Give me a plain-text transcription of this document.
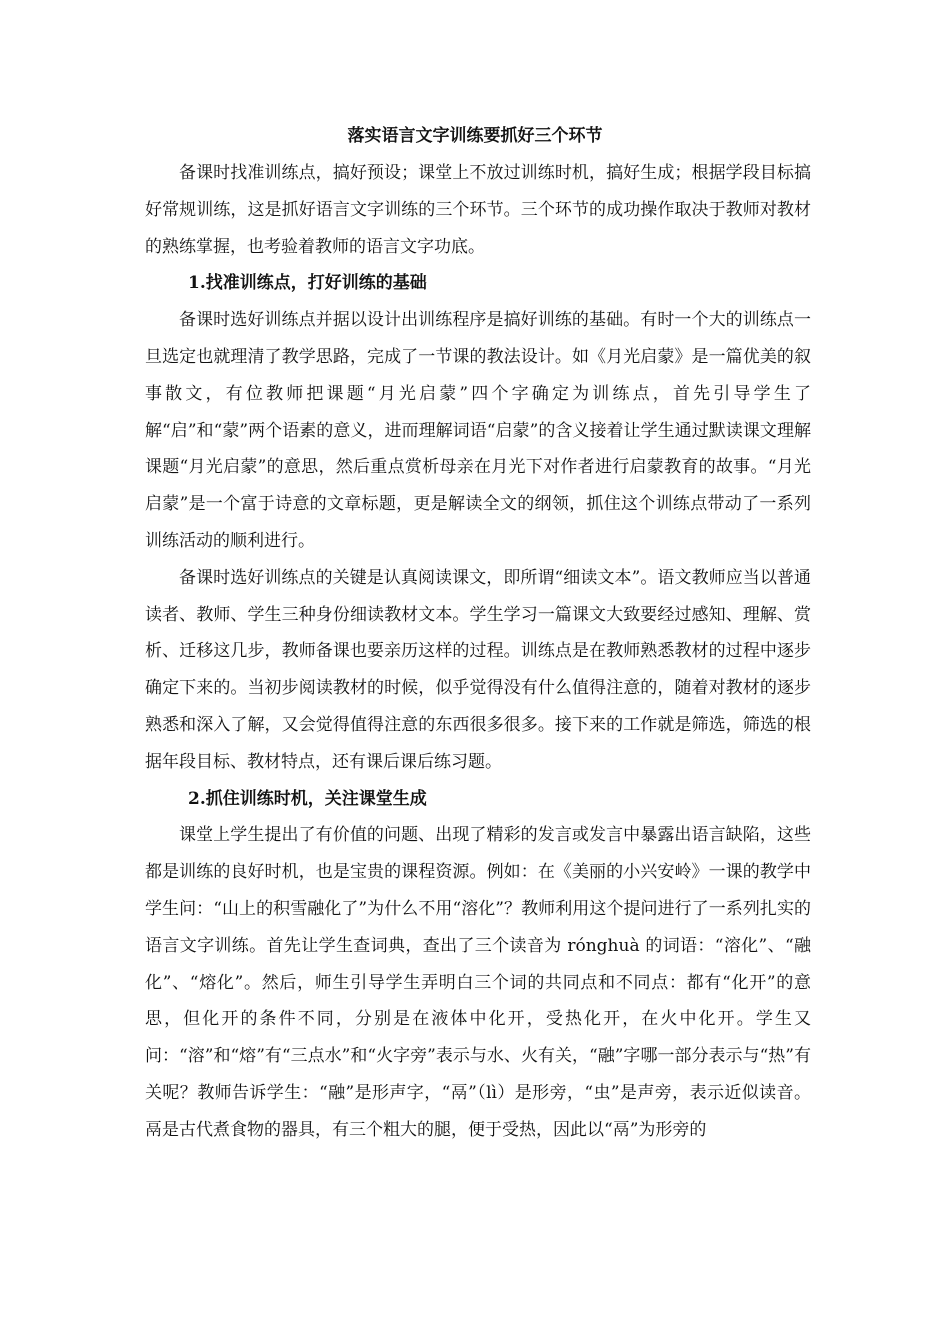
落实语言文字训练要抓好三个环节

备课时找准训练点，搞好预设；课堂上不放过训练时机，搞好生成；根据学段目标搞好常规训练，这是抓好语言文字训练的三个环节。三个环节的成功操作取决于教师对教材的熟练掌握，也考验着教师的语言文字功底。

1.找准训练点，打好训练的基础

备课时选好训练点并据以设计出训练程序是搞好训练的基础。有时一个大的训练点一旦选定也就理清了教学思路，完成了一节课的教法设计。如《月光启蒙》是一篇优美的叙事散文，有位教师把课题“月光启蒙”四个字确定为训练点，首先引导学生了解“启”和“蒙”两个语素的意义，进而理解词语“启蒙”的含义接着让学生通过默读课文理解课题“月光启蒙”的意思，然后重点赏析母亲在月光下对作者进行启蒙教育的故事。“月光启蒙”是一个富于诗意的文章标题，更是解读全文的纲领，抓住这个训练点带动了一系列训练活动的顺利进行。

备课时选好训练点的关键是认真阅读课文，即所谓“细读文本”。语文教师应当以普通读者、教师、学生三种身份细读教材文本。学生学习一篇课文大致要经过感知、理解、赏析、迁移这几步，教师备课也要亲历这样的过程。训练点是在教师熟悉教材的过程中逐步确定下来的。当初步阅读教材的时候，似乎觉得没有什么值得注意的，随着对教材的逐步熟悉和深入了解，又会觉得值得注意的东西很多很多。接下来的工作就是筛选，筛选的根据年段目标、教材特点，还有课后课后练习题。

2.抓住训练时机，关注课堂生成

课堂上学生提出了有价值的问题、出现了精彩的发言或发言中暴露出语言缺陷，这些都是训练的良好时机，也是宝贵的课程资源。例如：在《美丽的小兴安岭》一课的教学中学生问：“山上的积雪融化了”为什么不用“溶化”？教师利用这个提问进行了一系列扎实的语言文字训练。首先让学生查词典，查出了三个读音为 rónghuà 的词语：“溶化”、“融化”、“熔化”。然后，师生引导学生弄明白三个词的共同点和不同点：都有“化开”的意思，但化开的条件不同，分别是在液体中化开，受热化开，在火中化开。学生又问：“溶”和“熔”有“三点水”和“火字旁”表示与水、火有关，“融”字哪一部分表示与“热”有关呢？教师告诉学生：“融”是形声字，“鬲”（lì）是形旁，“虫”是声旁，表示近似读音。鬲是古代煮食物的器具，有三个粗大的腿，便于受热，因此以“鬲”为形旁的
